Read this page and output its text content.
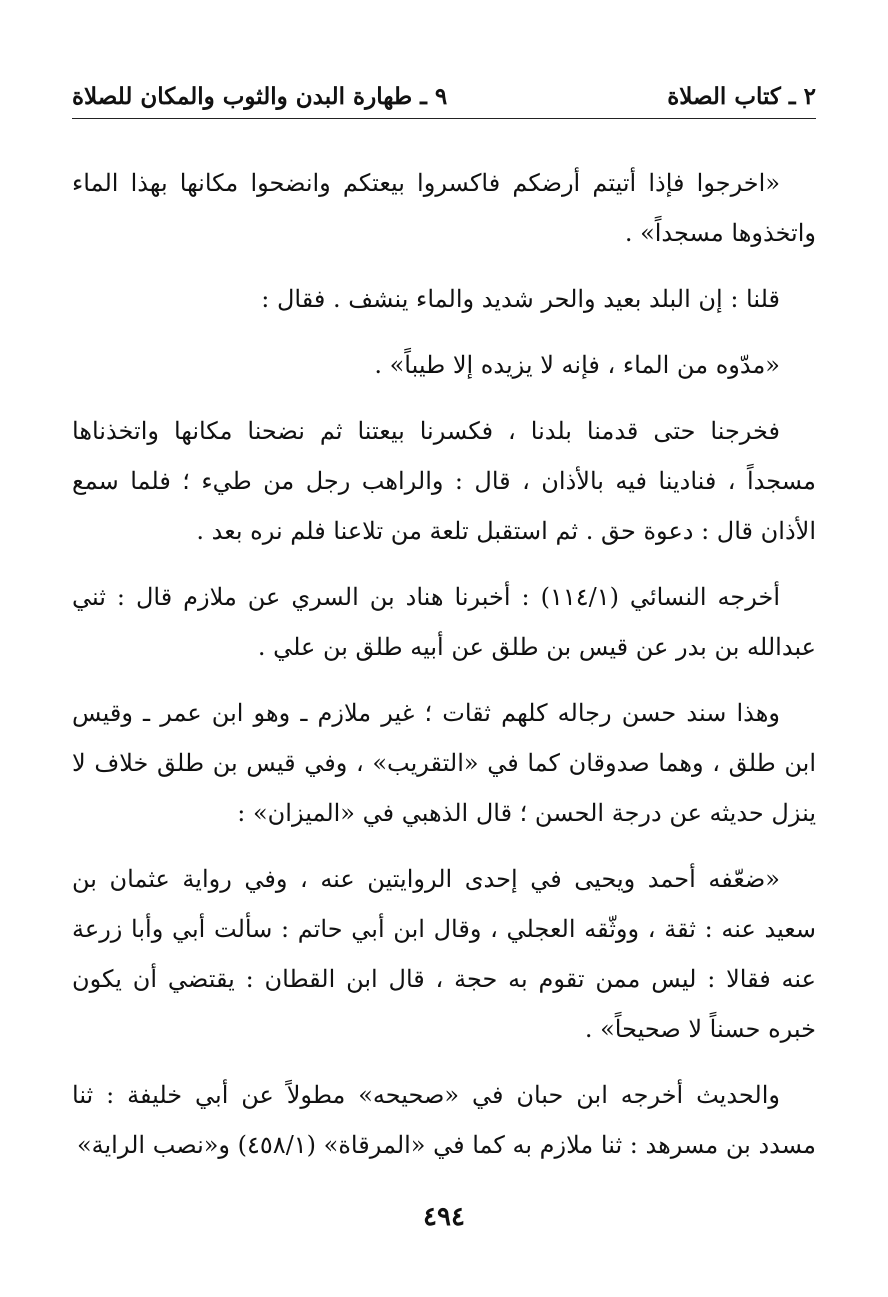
٢ ـ كتاب الصلاة
٩ ـ طهارة البدن والثوب والمكان للصلاة

«اخرجوا فإذا أتيتم أرضكم فاكسروا بيعتكم وانضحوا مكانها بهذا الماء واتخذوها مسجداً» .

قلنا : إن البلد بعيد والحر شديد والماء ينشف . فقال :

«مدّوه من الماء ، فإنه لا يزيده إلا طيباً» .

فخرجنا حتى قدمنا بلدنا ، فكسرنا بيعتنا ثم نضحنا مكانها واتخذناها مسجداً ، فنادينا فيه بالأذان ، قال : والراهب رجل من طيء ؛ فلما سمع الأذان قال : دعوة حق . ثم استقبل تلعة من تلاعنا فلم نره بعد .

أخرجه النسائي (١١٤/١) : أخبرنا هناد بن السري عن ملازم قال : ثني عبدالله بن بدر عن قيس بن طلق عن أبيه طلق بن علي .

وهذا سند حسن رجاله كلهم ثقات ؛ غير ملازم ـ وهو ابن عمر ـ وقيس ابن طلق ، وهما صدوقان كما في «التقريب» ، وفي قيس بن طلق خلاف لا ينزل حديثه عن درجة الحسن ؛ قال الذهبي في «الميزان» :

«ضعّفه أحمد ويحيى في إحدى الروايتين عنه ، وفي رواية عثمان بن سعيد عنه : ثقة ، ووثّقه العجلي ، وقال ابن أبي حاتم : سألت أبي وأبا زرعة عنه فقالا : ليس ممن تقوم به حجة ، قال ابن القطان : يقتضي أن يكون خبره حسناً لا صحيحاً» .

والحديث أخرجه ابن حبان في «صحيحه» مطولاً عن أبي خليفة : ثنا مسدد بن مسرهد : ثنا ملازم به كما في «المرقاة» (٤٥٨/١) و«نصب الراية»

٤٩٤
